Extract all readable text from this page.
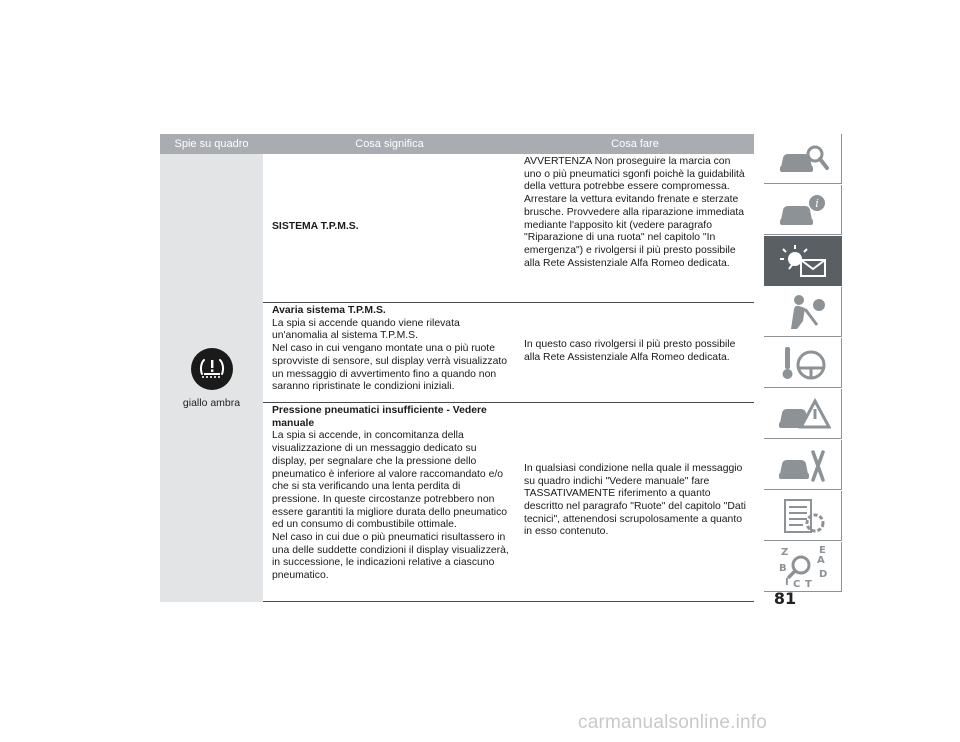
Spie su quadro	Cosa significa	Cosa fare
giallo ambra
SISTEMA T.P.M.S.
AVVERTENZA Non proseguire la marcia con
uno o più pneumatici sgonfi poichè la guidabilità
della vettura potrebbe essere compromessa.
Arrestare la vettura evitando frenate e sterzate
brusche. Provvedere alla riparazione immediata
mediante l'apposito kit (vedere paragrafo
"Riparazione di una ruota" nel capitolo "In
emergenza") e rivolgersi il più presto possibile
alla Rete Assistenziale Alfa Romeo dedicata.
Avaria sistema T.P.M.S.
La spia si accende quando viene rilevata
un'anomalia al sistema T.P.M.S.
Nel caso in cui vengano montate una o più ruote
sprovviste di sensore, sul display verrà visualizzato
un messaggio di avvertimento fino a quando non
saranno ripristinate le condizioni iniziali.
In questo caso rivolgersi il più presto possibile
alla Rete Assistenziale Alfa Romeo dedicata.
Pressione pneumatici insufficiente - Vedere
manuale
La spia si accende, in concomitanza della
visualizzazione di un messaggio dedicato su
display, per segnalare che la pressione dello
pneumatico è inferiore al valore raccomandato e/o
che si sta verificando una lenta perdita di
pressione. In queste circostanze potrebbero non
essere garantiti la migliore durata dello pneumatico
ed un consumo di combustibile ottimale.
Nel caso in cui due o più pneumatici risultassero in
una delle suddette condizioni il display visualizzerà,
in successione, le indicazioni relative a ciascuno
pneumatico.
In qualsiasi condizione nella quale il messaggio
su quadro indichi "Vedere manuale" fare
TASSATIVAMENTE riferimento a quanto
descritto nel paragrafo "Ruote" del capitolo "Dati
tecnici", attenendosi scrupolosamente a quanto
in esso contenuto.
i
Z
B
I C T
D
A
E
81
carmanualsonline.info
